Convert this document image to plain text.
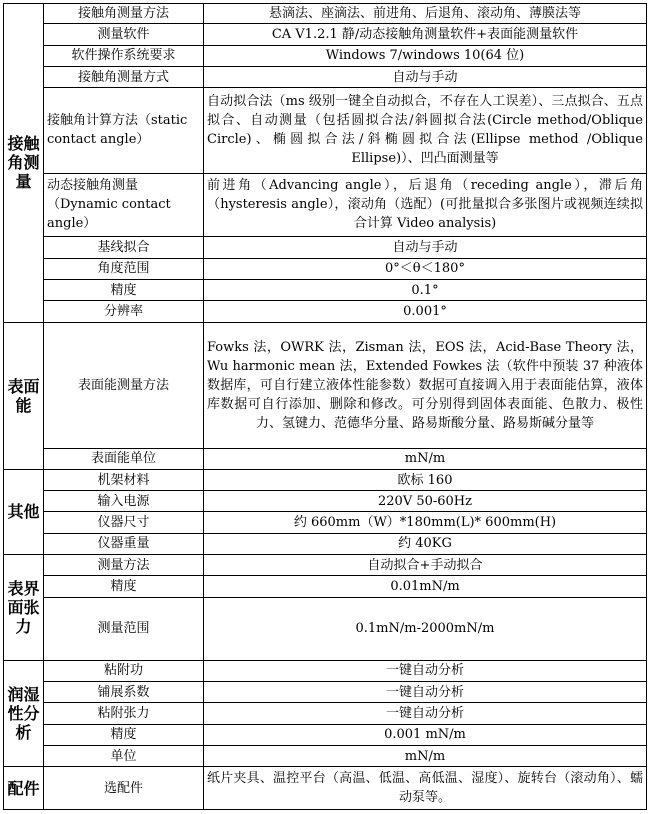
接触角测量	接触角测量方法	悬滴法、座滴法、前进角、后退角、滚动角、薄膜法等
	测量软件	CA V1.2.1 静/动态接触角测量软件+表面能测量软件
	软件操作系统要求	Windows 7/windows 10(64 位)
	接触角测量方式	自动与手动
	接触角计算方法（static contact angle）	自动拟合法（ms 级别一键全自动拟合，不存在人工误差）、三点拟合、五点拟合、自动测量（包括圆拟合法/斜圆拟合法(Circle method/Oblique Circle)、椭圆拟合法/斜椭圆拟合法(Ellipse method /Oblique Ellipse)）、凹凸面测量等
	动态接触角测量（Dynamic contact angle）	前进角（Advancing angle），后退角（receding angle），滞后角（hysteresis angle），滚动角（选配）(可批量拟合多张图片或视频连续拟合计算 Video analysis)
	基线拟合	自动与手动
	角度范围	0°＜θ＜180°
	精度	0.1°
	分辨率	0.001°
表面能	表面能测量方法	Fowks 法，OWRK 法，Zisman 法，EOS 法，Acid-Base Theory 法，Wu harmonic mean 法，Extended Fowkes 法（软件中预装 37 种液体数据库，可自行建立液体性能参数）数据可直接调入用于表面能估算，液体库数据可自行添加、删除和修改。可分别得到固体表面能、色散力、极性力、氢键力、范德华分量、路易斯酸分量、路易斯碱分量等
	表面能单位	mN/m
其他	机架材料	欧标 160
	输入电源	220V 50-60Hz
	仪器尺寸	约 660mm（W）*180mm(L)* 600mm(H)
	仪器重量	约 40KG
表界面张力	测量方法	自动拟合+手动拟合
	精度	0.01mN/m
	测量范围	0.1mN/m-2000mN/m
润湿性分析	粘附功	一键自动分析
	铺展系数	一键自动分析
	粘附张力	一键自动分析
	精度	0.001 mN/m
	单位	mN/m
配件	选配件	纸片夹具、温控平台（高温、低温、高低温、湿度）、旋转台（滚动角）、蠕动泵等。
